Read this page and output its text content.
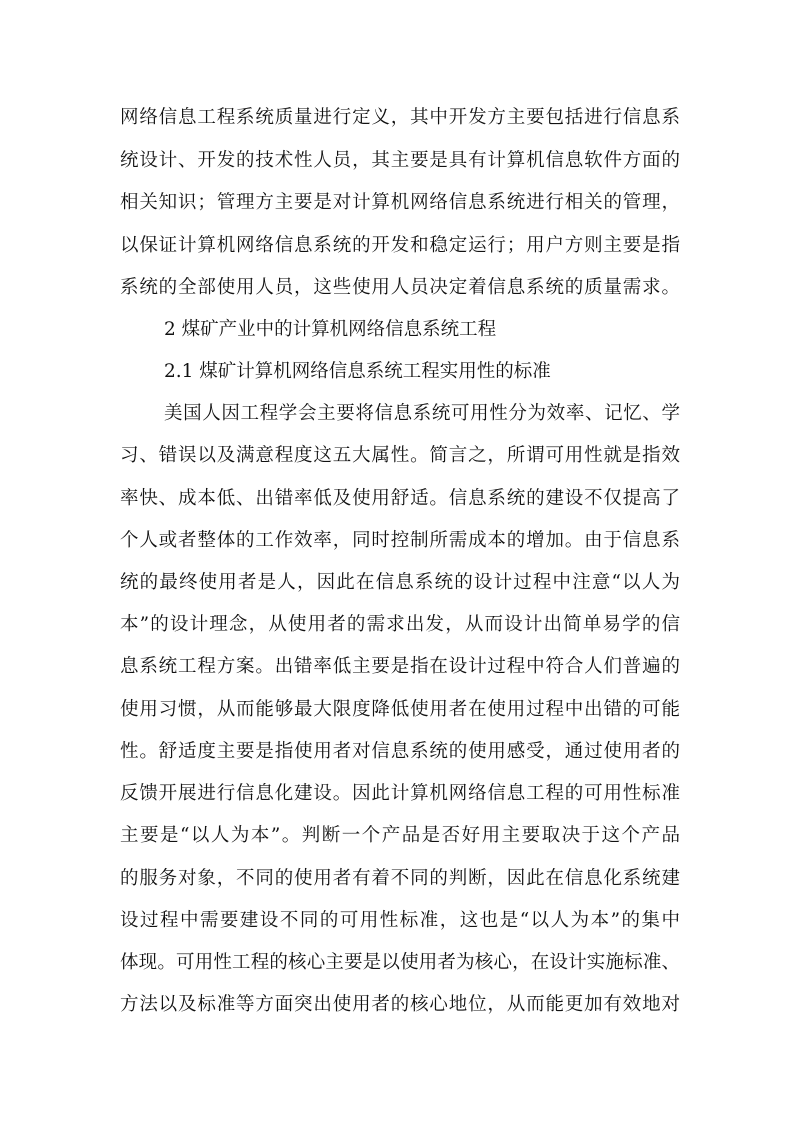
网络信息工程系统质量进行定义，其中开发方主要包括进行信息系
统设计、开发的技术性人员，其主要是具有计算机信息软件方面的
相关知识；管理方主要是对计算机网络信息系统进行相关的管理，
以保证计算机网络信息系统的开发和稳定运行；用户方则主要是指
系统的全部使用人员，这些使用人员决定着信息系统的质量需求。
2 煤矿产业中的计算机网络信息系统工程
2.1 煤矿计算机网络信息系统工程实用性的标准
美国人因工程学会主要将信息系统可用性分为效率、记忆、学
习、错误以及满意程度这五大属性。简言之，所谓可用性就是指效
率快、成本低、出错率低及使用舒适。信息系统的建设不仅提高了
个人或者整体的工作效率，同时控制所需成本的增加。由于信息系
统的最终使用者是人，因此在信息系统的设计过程中注意“以人为
本”的设计理念，从使用者的需求出发，从而设计出简单易学的信
息系统工程方案。出错率低主要是指在设计过程中符合人们普遍的
使用习惯，从而能够最大限度降低使用者在使用过程中出错的可能
性。舒适度主要是指使用者对信息系统的使用感受，通过使用者的
反馈开展进行信息化建设。因此计算机网络信息工程的可用性标准
主要是“以人为本”。判断一个产品是否好用主要取决于这个产品
的服务对象，不同的使用者有着不同的判断，因此在信息化系统建
设过程中需要建设不同的可用性标准，这也是“以人为本”的集中
体现。可用性工程的核心主要是以使用者为核心，在设计实施标准、
方法以及标准等方面突出使用者的核心地位，从而能更加有效地对
